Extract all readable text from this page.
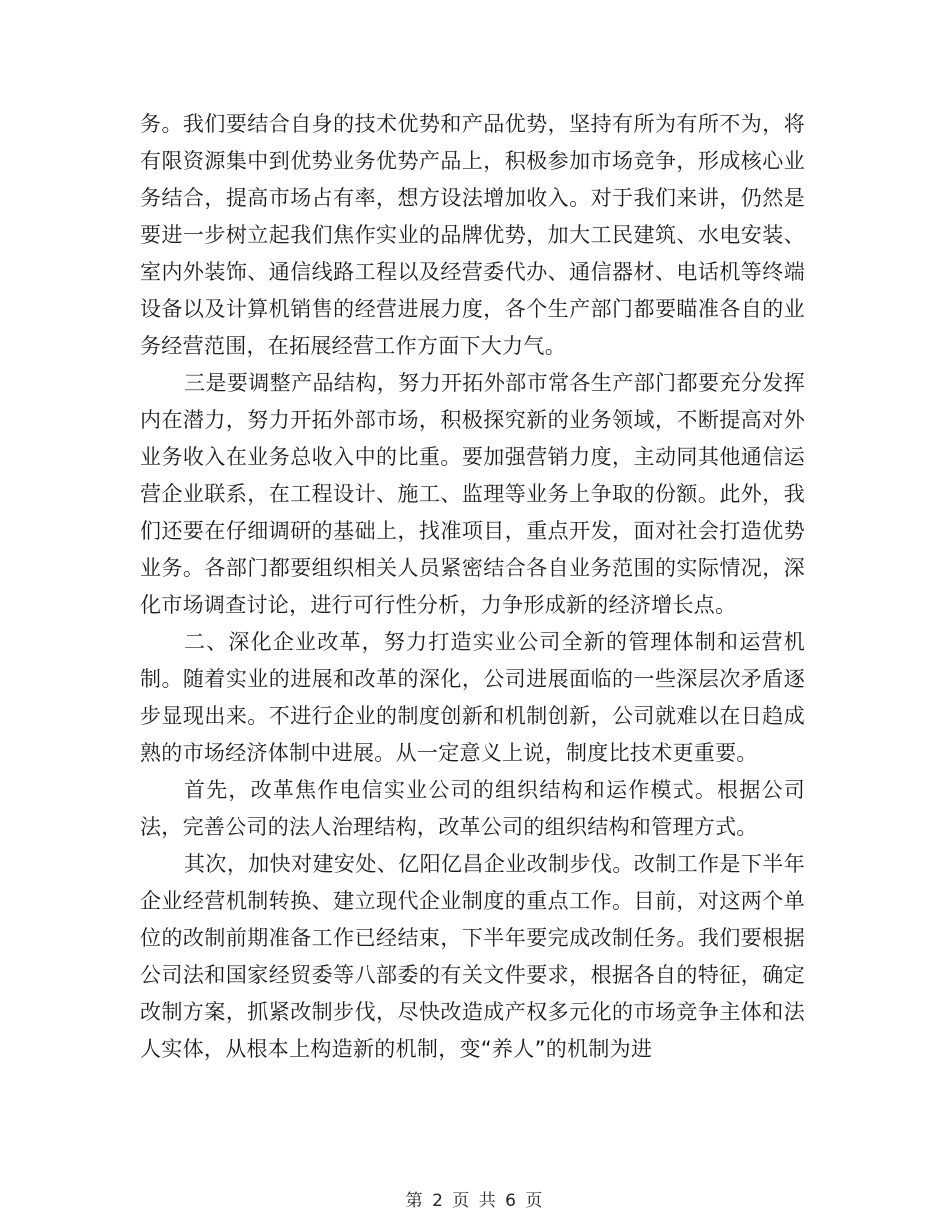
务。我们要结合自身的技术优势和产品优势，坚持有所为有所不为，将有限资源集中到优势业务优势产品上，积极参加市场竞争，形成核心业务结合，提高市场占有率，想方设法增加收入。对于我们来讲，仍然是要进一步树立起我们焦作实业的品牌优势，加大工民建筑、水电安装、室内外装饰、通信线路工程以及经营委代办、通信器材、电话机等终端设备以及计算机销售的经营进展力度，各个生产部门都要瞄准各自的业务经营范围，在拓展经营工作方面下大力气。

三是要调整产品结构，努力开拓外部市常各生产部门都要充分发挥内在潜力，努力开拓外部市场，积极探究新的业务领域，不断提高对外业务收入在业务总收入中的比重。要加强营销力度，主动同其他通信运营企业联系，在工程设计、施工、监理等业务上争取的份额。此外，我们还要在仔细调研的基础上，找准项目，重点开发，面对社会打造优势业务。各部门都要组织相关人员紧密结合各自业务范围的实际情况，深化市场调查讨论，进行可行性分析，力争形成新的经济增长点。

二、深化企业改革，努力打造实业公司全新的管理体制和运营机制。随着实业的进展和改革的深化，公司进展面临的一些深层次矛盾逐步显现出来。不进行企业的制度创新和机制创新，公司就难以在日趋成熟的市场经济体制中进展。从一定意义上说，制度比技术更重要。

首先，改革焦作电信实业公司的组织结构和运作模式。根据公司法，完善公司的法人治理结构，改革公司的组织结构和管理方式。

其次，加快对建安处、亿阳亿昌企业改制步伐。改制工作是下半年企业经营机制转换、建立现代企业制度的重点工作。目前，对这两个单位的改制前期准备工作已经结束，下半年要完成改制任务。我们要根据公司法和国家经贸委等八部委的有关文件要求，根据各自的特征，确定改制方案，抓紧改制步伐，尽快改造成产权多元化的市场竞争主体和法人实体，从根本上构造新的机制，变“养人”的机制为进

第 2 页 共 6 页
